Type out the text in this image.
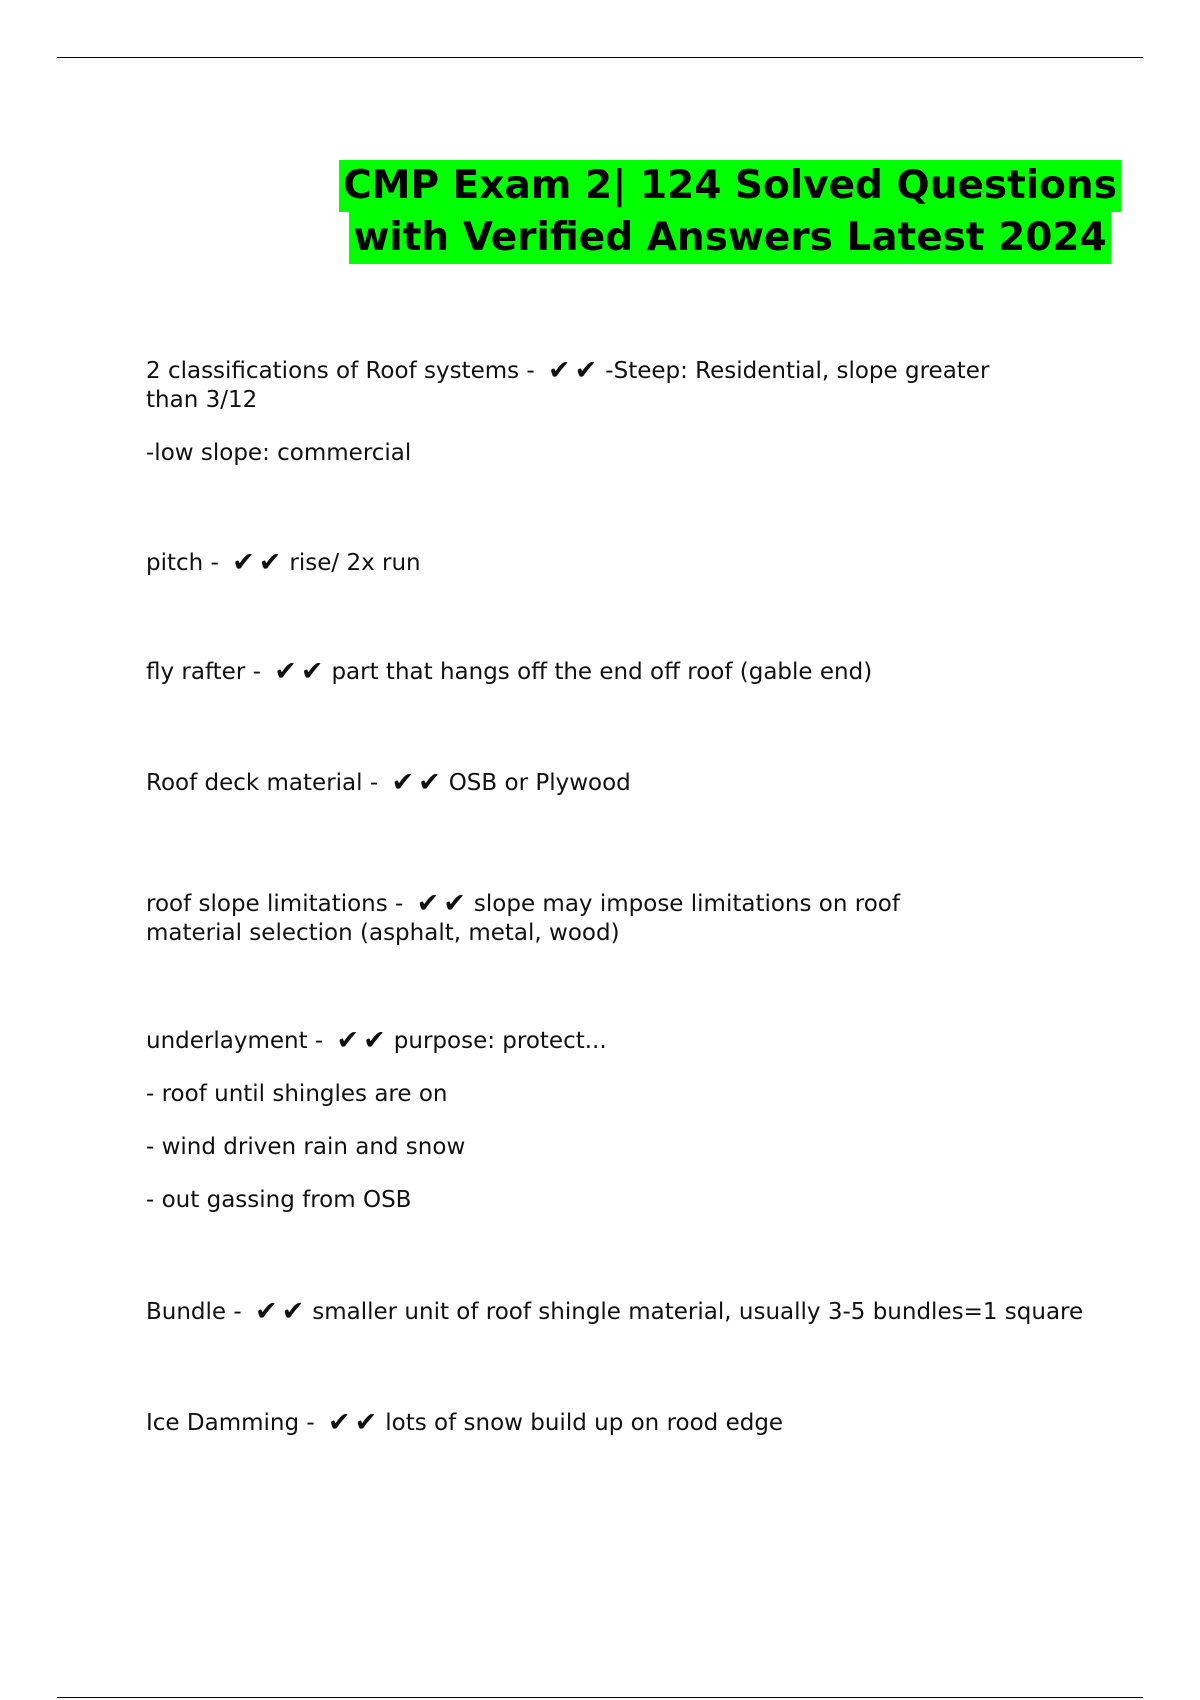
CMP Exam 2| 124 Solved Questions
with Verified Answers Latest 2024

2 classifications of Roof systems - ✔✔ -Steep: Residential, slope greater

than 3/12

-low slope: commercial

pitch - ✔✔ rise/ 2x run

fly rafter - ✔✔ part that hangs off the end off roof (gable end)

Roof deck material - ✔✔ OSB or Plywood

roof slope limitations - ✔✔ slope may impose limitations on roof

material selection (asphalt, metal, wood)

underlayment - ✔✔ purpose: protect...

- roof until shingles are on

- wind driven rain and snow

- out gassing from OSB

Bundle - ✔✔ smaller unit of roof shingle material, usually 3-5 bundles=1 square

Ice Damming - ✔✔ lots of snow build up on rood edge
